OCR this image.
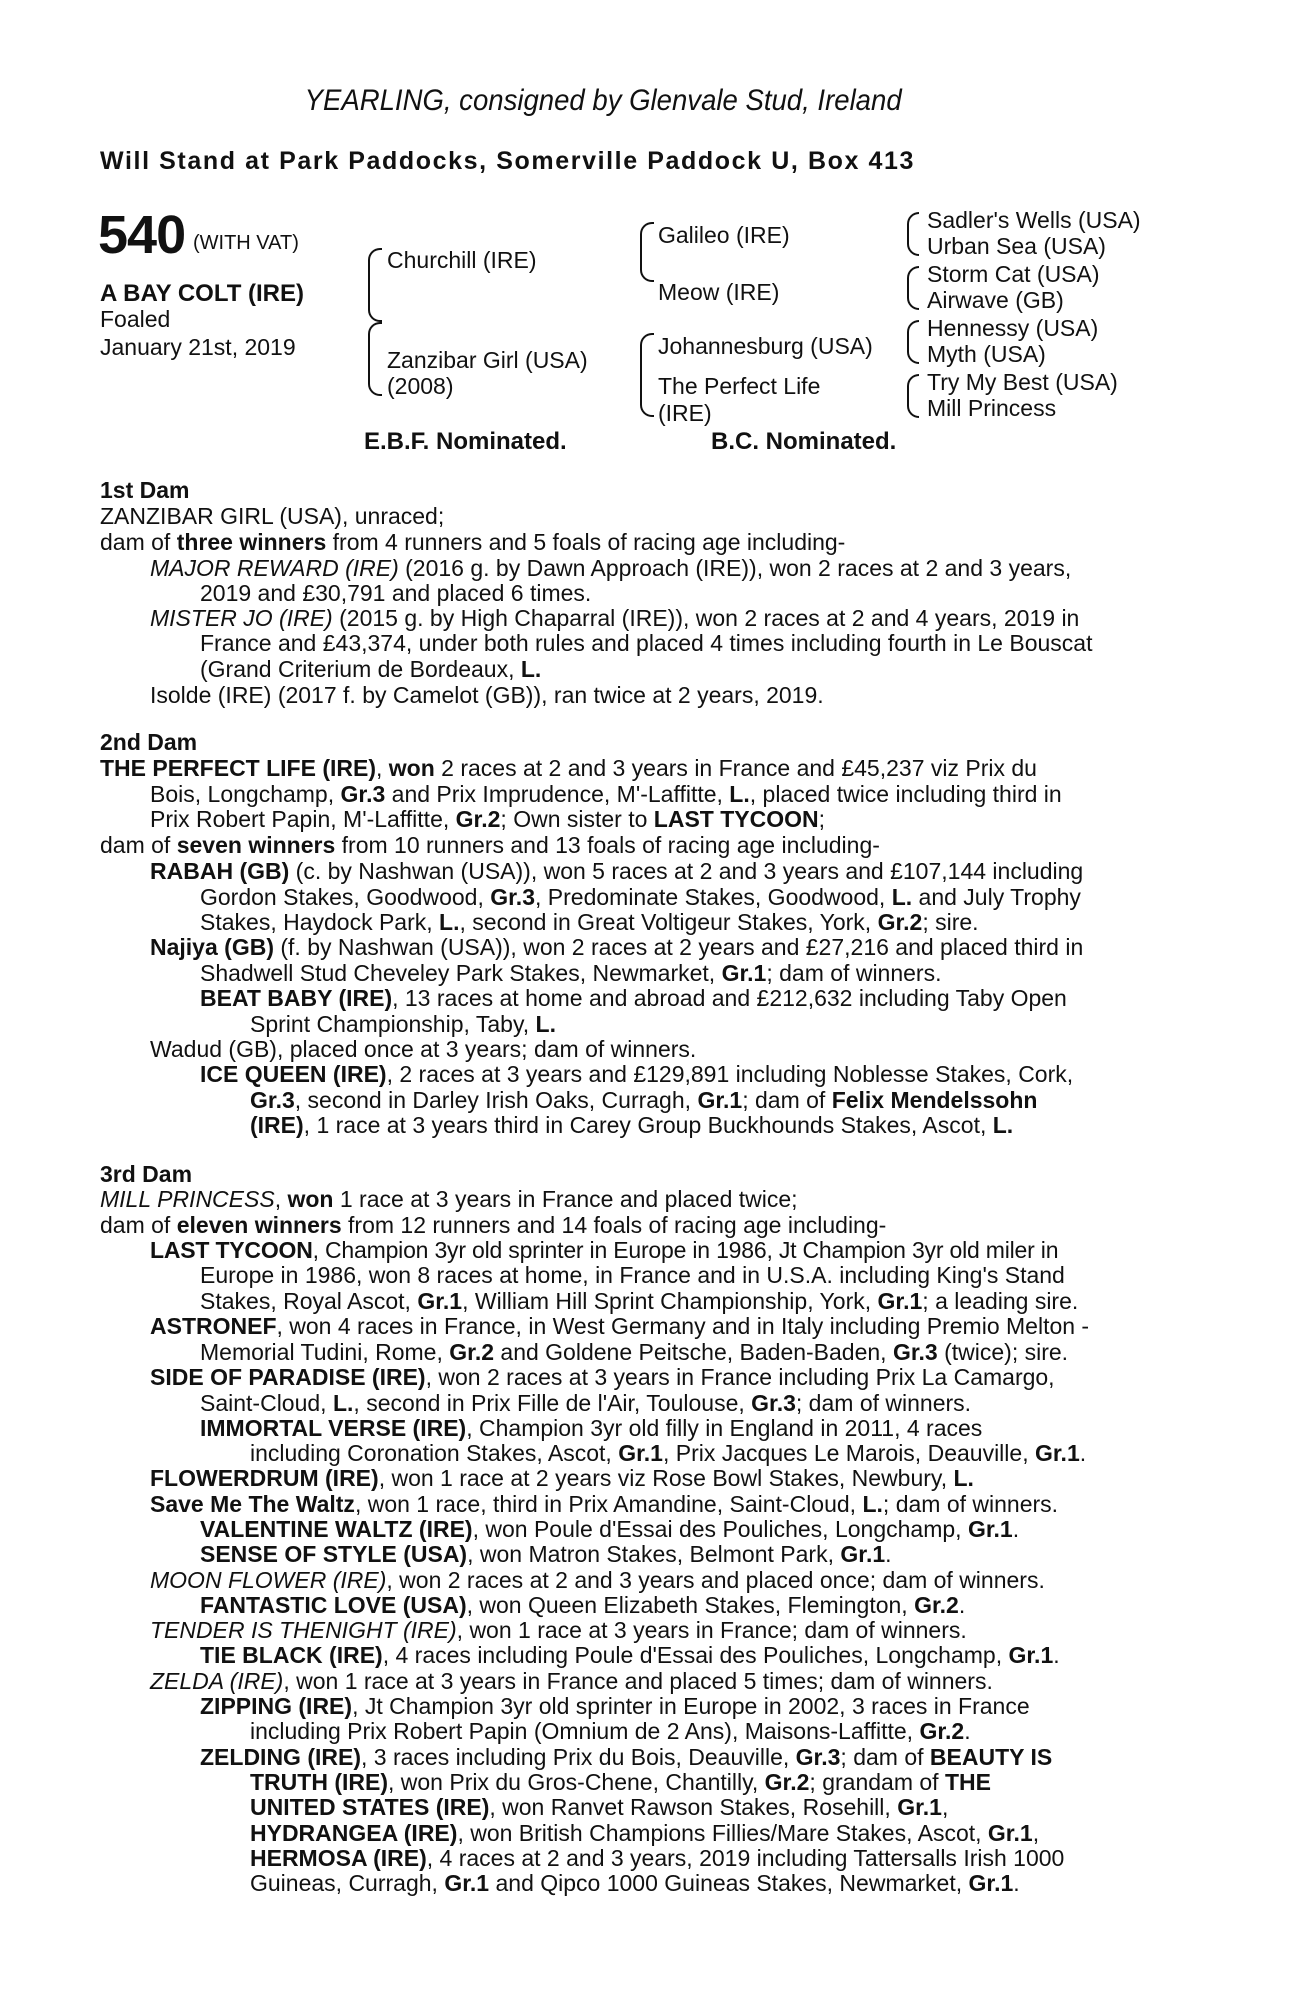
YEARLING, consigned by Glenvale Stud, Ireland
Will Stand at Park Paddocks, Somerville Paddock U, Box 413
540 (WITH VAT)
A BAY COLT (IRE)
Foaled
January 21st, 2019
Churchill (IRE)
Zanzibar Girl (USA)
(2008)
Galileo (IRE)
Meow (IRE)
Johannesburg (USA)
The Perfect Life
(IRE)
Sadler's Wells (USA)
Urban Sea (USA)
Storm Cat (USA)
Airwave (GB)
Hennessy (USA)
Myth (USA)
Try My Best (USA)
Mill Princess
E.B.F. Nominated.	B.C. Nominated.
1st Dam
ZANZIBAR GIRL (USA), unraced;
dam of three winners from 4 runners and 5 foals of racing age including-
MAJOR REWARD (IRE) (2016 g. by Dawn Approach (IRE)), won 2 races at 2 and 3 years,
2019 and £30,791 and placed 6 times.
MISTER JO (IRE) (2015 g. by High Chaparral (IRE)), won 2 races at 2 and 4 years, 2019 in
France and £43,374, under both rules and placed 4 times including fourth in Le Bouscat
(Grand Criterium de Bordeaux, L.
Isolde (IRE) (2017 f. by Camelot (GB)), ran twice at 2 years, 2019.
2nd Dam
THE PERFECT LIFE (IRE), won 2 races at 2 and 3 years in France and £45,237 viz Prix du
Bois, Longchamp, Gr.3 and Prix Imprudence, M'-Laffitte, L., placed twice including third in
Prix Robert Papin, M'-Laffitte, Gr.2; Own sister to LAST TYCOON;
dam of seven winners from 10 runners and 13 foals of racing age including-
RABAH (GB) (c. by Nashwan (USA)), won 5 races at 2 and 3 years and £107,144 including
Gordon Stakes, Goodwood, Gr.3, Predominate Stakes, Goodwood, L. and July Trophy
Stakes, Haydock Park, L., second in Great Voltigeur Stakes, York, Gr.2; sire.
Najiya (GB) (f. by Nashwan (USA)), won 2 races at 2 years and £27,216 and placed third in
Shadwell Stud Cheveley Park Stakes, Newmarket, Gr.1; dam of winners.
BEAT BABY (IRE), 13 races at home and abroad and £212,632 including Taby Open
Sprint Championship, Taby, L.
Wadud (GB), placed once at 3 years; dam of winners.
ICE QUEEN (IRE), 2 races at 3 years and £129,891 including Noblesse Stakes, Cork,
Gr.3, second in Darley Irish Oaks, Curragh, Gr.1; dam of Felix Mendelssohn
(IRE), 1 race at 3 years third in Carey Group Buckhounds Stakes, Ascot, L.
3rd Dam
MILL PRINCESS, won 1 race at 3 years in France and placed twice;
dam of eleven winners from 12 runners and 14 foals of racing age including-
LAST TYCOON, Champion 3yr old sprinter in Europe in 1986, Jt Champion 3yr old miler in
Europe in 1986, won 8 races at home, in France and in U.S.A. including King's Stand
Stakes, Royal Ascot, Gr.1, William Hill Sprint Championship, York, Gr.1; a leading sire.
ASTRONEF, won 4 races in France, in West Germany and in Italy including Premio Melton -
Memorial Tudini, Rome, Gr.2 and Goldene Peitsche, Baden-Baden, Gr.3 (twice); sire.
SIDE OF PARADISE (IRE), won 2 races at 3 years in France including Prix La Camargo,
Saint-Cloud, L., second in Prix Fille de l'Air, Toulouse, Gr.3; dam of winners.
IMMORTAL VERSE (IRE), Champion 3yr old filly in England in 2011, 4 races
including Coronation Stakes, Ascot, Gr.1, Prix Jacques Le Marois, Deauville, Gr.1.
FLOWERDRUM (IRE), won 1 race at 2 years viz Rose Bowl Stakes, Newbury, L.
Save Me The Waltz, won 1 race, third in Prix Amandine, Saint-Cloud, L.; dam of winners.
VALENTINE WALTZ (IRE), won Poule d'Essai des Pouliches, Longchamp, Gr.1.
SENSE OF STYLE (USA), won Matron Stakes, Belmont Park, Gr.1.
MOON FLOWER (IRE), won 2 races at 2 and 3 years and placed once; dam of winners.
FANTASTIC LOVE (USA), won Queen Elizabeth Stakes, Flemington, Gr.2.
TENDER IS THENIGHT (IRE), won 1 race at 3 years in France; dam of winners.
TIE BLACK (IRE), 4 races including Poule d'Essai des Pouliches, Longchamp, Gr.1.
ZELDA (IRE), won 1 race at 3 years in France and placed 5 times; dam of winners.
ZIPPING (IRE), Jt Champion 3yr old sprinter in Europe in 2002, 3 races in France
including Prix Robert Papin (Omnium de 2 Ans), Maisons-Laffitte, Gr.2.
ZELDING (IRE), 3 races including Prix du Bois, Deauville, Gr.3; dam of BEAUTY IS
TRUTH (IRE), won Prix du Gros-Chene, Chantilly, Gr.2; grandam of THE
UNITED STATES (IRE), won Ranvet Rawson Stakes, Rosehill, Gr.1,
HYDRANGEA (IRE), won British Champions Fillies/Mare Stakes, Ascot, Gr.1,
HERMOSA (IRE), 4 races at 2 and 3 years, 2019 including Tattersalls Irish 1000
Guineas, Curragh, Gr.1 and Qipco 1000 Guineas Stakes, Newmarket, Gr.1.
